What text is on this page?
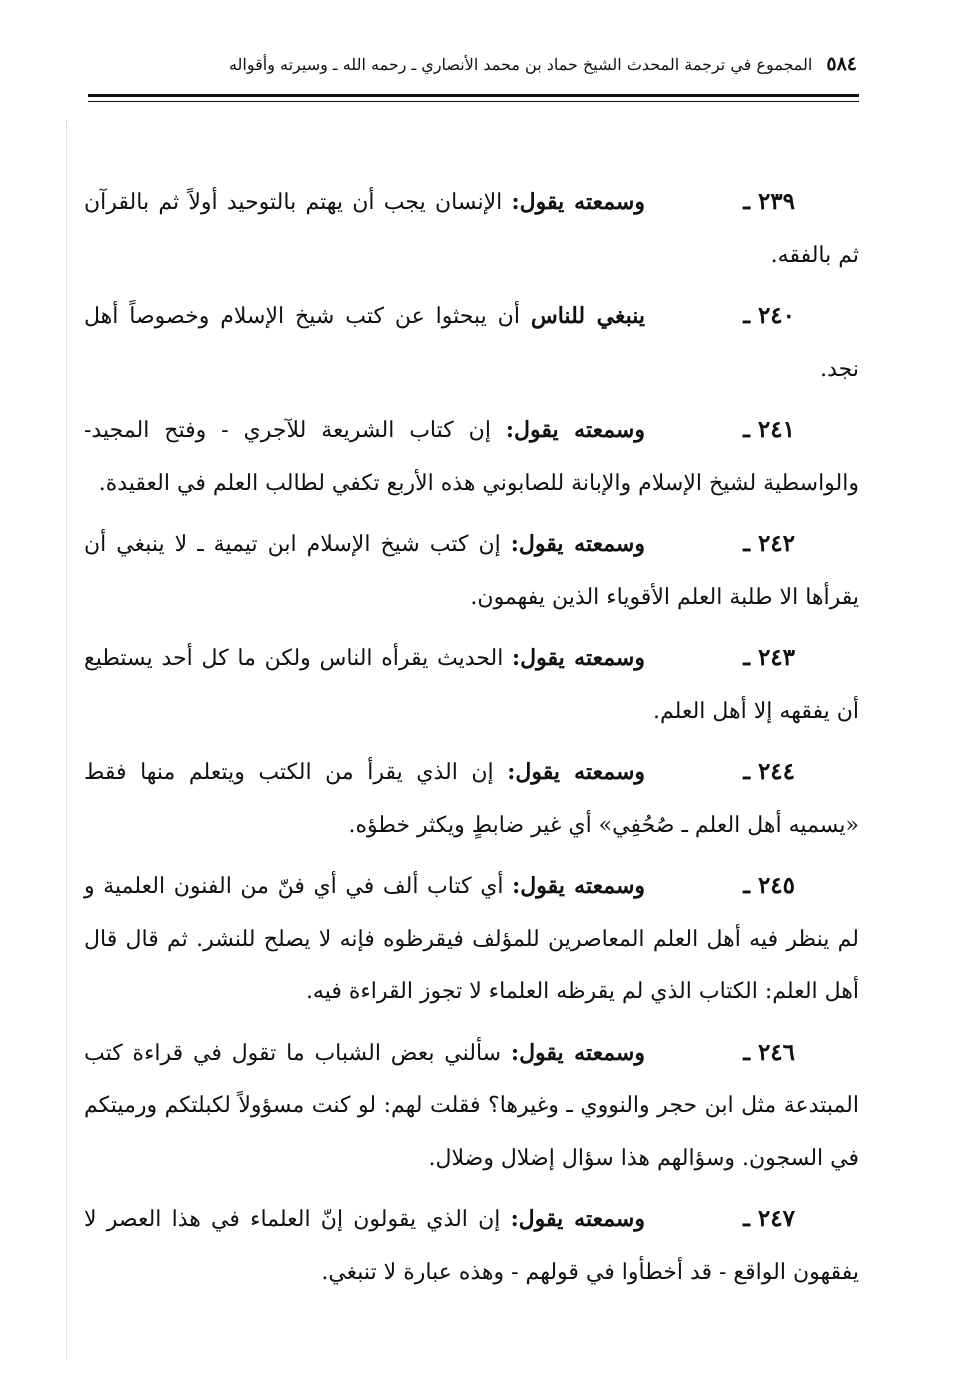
٥٨٤
المجموع في ترجمة المحدث الشيخ حماد بن محمد الأنصاري ـ رحمه الله ـ وسيرته وأقواله

٢٣٩ ـوسمعته يقول: الإنسان يجب أن يهتم بالتوحيد أولاً ثم بالقرآن ثم بالفقه.

٢٤٠ ـينبغي للناس أن يبحثوا عن كتب شيخ الإسلام وخصوصاً أهل نجد.

٢٤١ ـوسمعته يقول: إن كتاب الشريعة للآجري - وفتح المجيد- والواسطية لشيخ الإسلام والإبانة للصابوني هذه الأربع تكفي لطالب العلم في العقيدة.

٢٤٢ ـوسمعته يقول: إن كتب شيخ الإسلام ابن تيمية ـ لا ينبغي أن يقرأها الا طلبة العلم الأقوياء الذين يفهمون.

٢٤٣ ـوسمعته يقول: الحديث يقرأه الناس ولكن ما كل أحد يستطيع أن يفقهه إلا أهل العلم.

٢٤٤ ـوسمعته يقول: إن الذي يقرأ من الكتب ويتعلم منها فقط «يسميه أهل العلم ـ صُحُفِي» أي غير ضابطٍ ويكثر خطؤه.

٢٤٥ ـوسمعته يقول: أي كتاب ألف في أي فنّ من الفنون العلمية و لم ينظر فيه أهل العلم المعاصرين للمؤلف فيقرظوه فإنه لا يصلح للنشر. ثم قال قال أهل العلم: الكتاب الذي لم يقرظه العلماء لا تجوز القراءة فيه.

٢٤٦ ـوسمعته يقول: سألني بعض الشباب ما تقول في قراءة كتب المبتدعة مثل ابن حجر والنووي ـ وغيرها؟ فقلت لهم: لو كنت مسؤولاً لكبلتكم ورميتكم في السجون. وسؤالهم هذا سؤال إضلال وضلال.

٢٤٧ ـوسمعته يقول: إن الذي يقولون إنّ العلماء في هذا العصر لا يفقهون الواقع - قد أخطأوا في قولهم - وهذه عبارة لا تنبغي.
